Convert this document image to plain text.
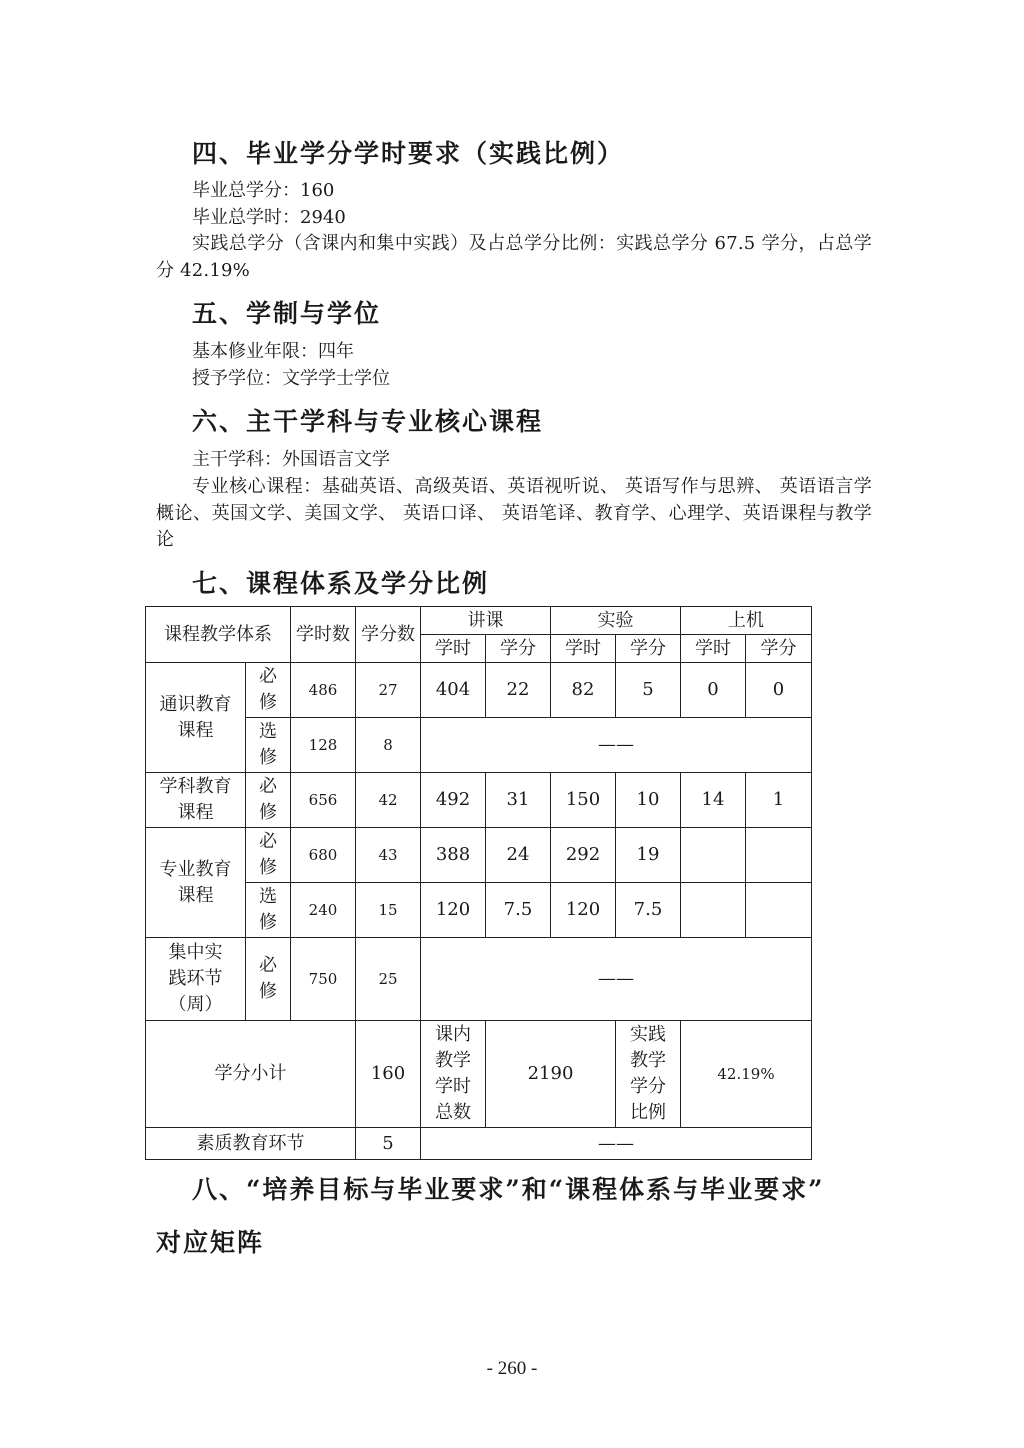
四、毕业学分学时要求（实践比例）

毕业总学分：160

毕业总学时：2940

实践总学分（含课内和集中实践）及占总学分比例：实践总学分 67.5 学分，占总学分 42.19%

五、学制与学位

基本修业年限：四年

授予学位：文学学士学位

六、主干学科与专业核心课程

主干学科：外国语言文学

专业核心课程：基础英语、高级英语、英语视听说、 英语写作与思辨、 英语语言学概论、英国文学、美国文学、 英语口译、 英语笔译、教育学、心理学、英语课程与教学论

七、课程体系及学分比例
课程教学体系		学时数	学分数	讲课		实验		上机	
				学时	学分	学时	学分	学时	学分
通识教育课程	必修	486	27	404	22	82	5	0	0
	选修	128	8	——					
学科教育课程	必修	656	42	492	31	150	10	14	1
专业教育课程	必修	680	43	388	24	292	19		
	选修	240	15	120	7.5	120	7.5		
集中实践环节（周）	必修	750	25	——					
学分小计			160	课内教学学时总数	2190		实践教学学分比例	42.19%	
素质教育环节			5	——					
八、“培养目标与毕业要求”和“课程体系与毕业要求”
对应矩阵
- 260 -
